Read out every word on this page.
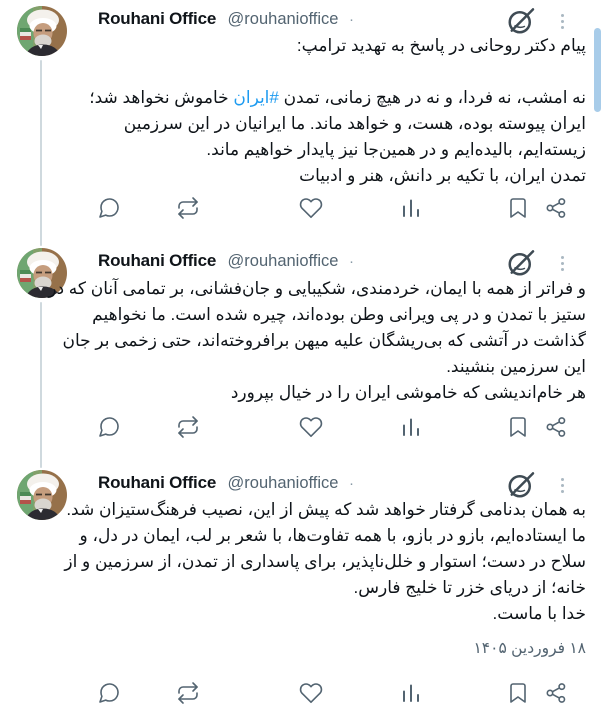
Rouhani Office @rouhanioffice ·
پیام دکتر روحانی در پاسخ به تهدید ترامپ:
نه امشب، نه فردا، و نه در هیچ زمانی، تمدن #ایران خاموش نخواهد شد؛
ایران پیوسته بوده، هست، و خواهد ماند. ما ایرانیان در این سرزمین
زیسته‌ایم، بالیده‌ایم و در همین‌جا نیز پایدار خواهیم ماند.
تمدن ایران، با تکیه بر دانش، هنر و ادبیات
Rouhani Office @rouhanioffice ·
و فراتر از همه با ایمان، خردمندی، شکیبایی و جان‌فشانی، بر تمامی آنان که در
ستیز با تمدن و در پی ویرانی وطن بوده‌اند، چیره شده است. ما نخواهیم
گذاشت در آتشی که بی‌ریشگان علیه میهن برافروخته‌اند، حتی زخمی بر جان
این سرزمین بنشیند.
هر خام‌اندیشی که خاموشی ایران را در خیال بپرورد
Rouhani Office @rouhanioffice ·
به همان بدنامی گرفتار خواهد شد که پیش از این، نصیب فرهنگ‌ستیزان شد.
ما ایستاده‌ایم، بازو در بازو، با همه تفاوت‌ها، با شعر بر لب، ایمان در دل، و
سلاح در دست؛ استوار و خلل‌ناپذیر، برای پاسداری از تمدن، از سرزمین و از
خانه؛ از دریای خزر تا خلیج فارس.
خدا با ماست.
۱۸ فروردین ۱۴۰۵
